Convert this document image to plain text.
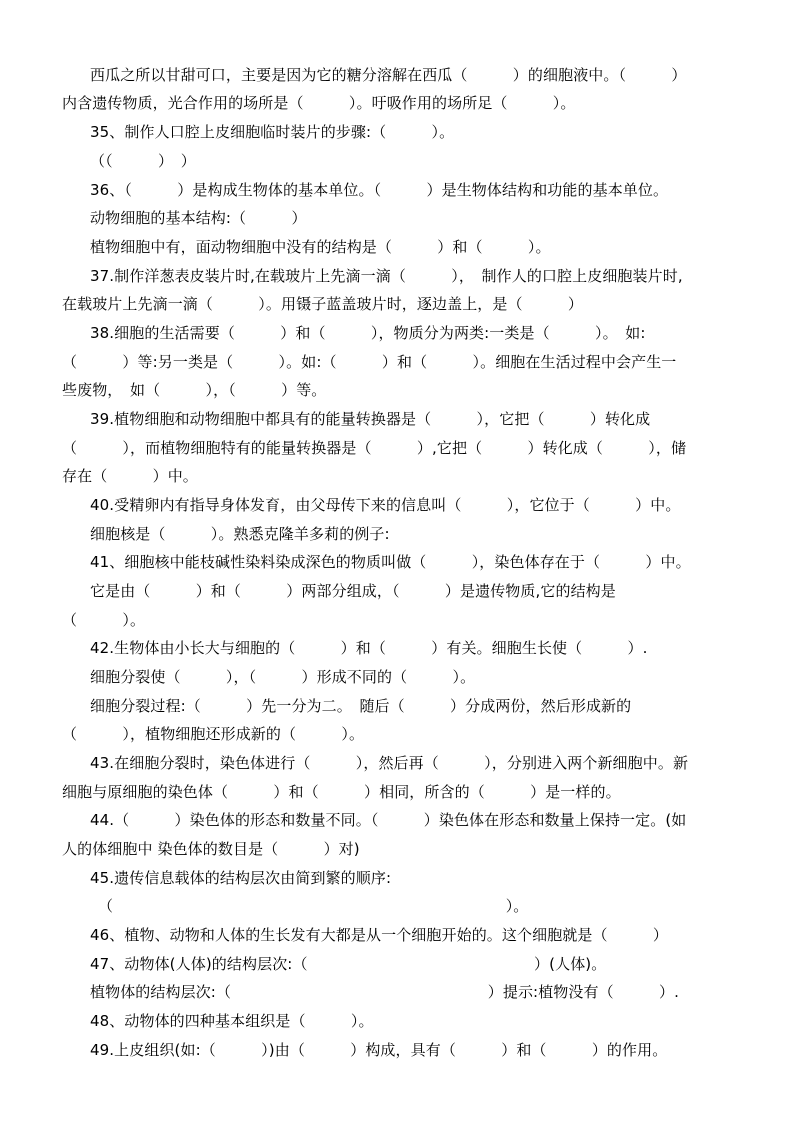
西瓜之所以甘甜可口，主要是因为它的糖分溶解在西瓜（　　　）的细胞液中。（　　　）
内含遗传物质，光合作用的场所是（　　　）。吁吸作用的场所足（　　　）。
35、制作人口腔上皮细胞临时装片的步骤:（　　　）。
（（　　　）　）
36、（　　　）是构成生物体的基本单位。（　　　）是生物体结构和功能的基本单位。
动物细胞的基本结构:（　　　）
植物细胞中有，面动物细胞中没有的结构是（　　　）和（　　　）。
37.制作洋葱表皮装片时,在载玻片上先滴一滴（　　　），　制作人的口腔上皮细胞装片时,
在载玻片上先滴一滴（　　　）。用镊子蓝盖玻片时，逐边盖上，是（　　　）
38.细胞的生活需要（　　　）和（　　　），物质分为两类:一类是（　　　）。　如:
（　　　）等:另一类是（　　　）。如:（　　　）和（　　　）。细胞在生活过程中会产生一
些废物，　如（　　　），（　　　）等。
39.植物细胞和动物细胞中都具有的能量转换器是（　　　），它把（　　　）转化成
（　　　），而植物细胞特有的能量转换器是（　　　）,它把（　　　）转化成（　　　），储
存在（　　　）中。
40.受精卵内有指导身体发育，由父母传下来的信息叫（　　　），它位于（　　　）中。
细胞核是（　　　）。熟悉克隆羊多莉的例子:
41、细胞核中能枝碱性染料染成深色的物质叫做（　　　），染色体存在于（　　　）中。
它是由（　　　）和（　　　）两部分组成，（　　　）是遗传物质,它的结构是
（　　　）。
42.生物体由小长大与细胞的（　　　）和（　　　）有关。细胞生长使（　　　）.
细胞分裂使（　　　），（　　　）形成不同的（　　　）。
细胞分裂过程:（　　　）先一分为二。　随后（　　　）分成两份，然后形成新的
（　　　），植物细胞还形成新的（　　　）。
43.在细胞分裂时，染色体进行（　　　），然后再（　　　），分别进入两个新细胞中。新
细胞与原细胞的染色体（　　　）和（　　　）相同，所含的（　　　）是一样的。
44.（　　　）染色体的形态和数量不同。（　　　）染色体在形态和数量上保持一定。(如
人的体细胞中 染色体的数目是（　　　）对)
45.遗传信息载体的结构层次由简到繁的顺序:
（　　　　　　　　　　　　　　　　　　　　　　　　　　）。
46、植物、动物和人体的生长发有大都是从一个细胞开始的。这个细胞就是（　　　）
47、动物体(人体)的结构层次:（　　　　　　　　　　　　　　　）(人体)。
植物体的结构层次:（　　　　　　　　　　　　　　　　　）提示:植物没有（　　　）.
48、动物体的四种基本组织是（　　　）。
49.上皮组织(如:（　　　）)由（　　　）构成，具有（　　　）和（　　　）的作用。
